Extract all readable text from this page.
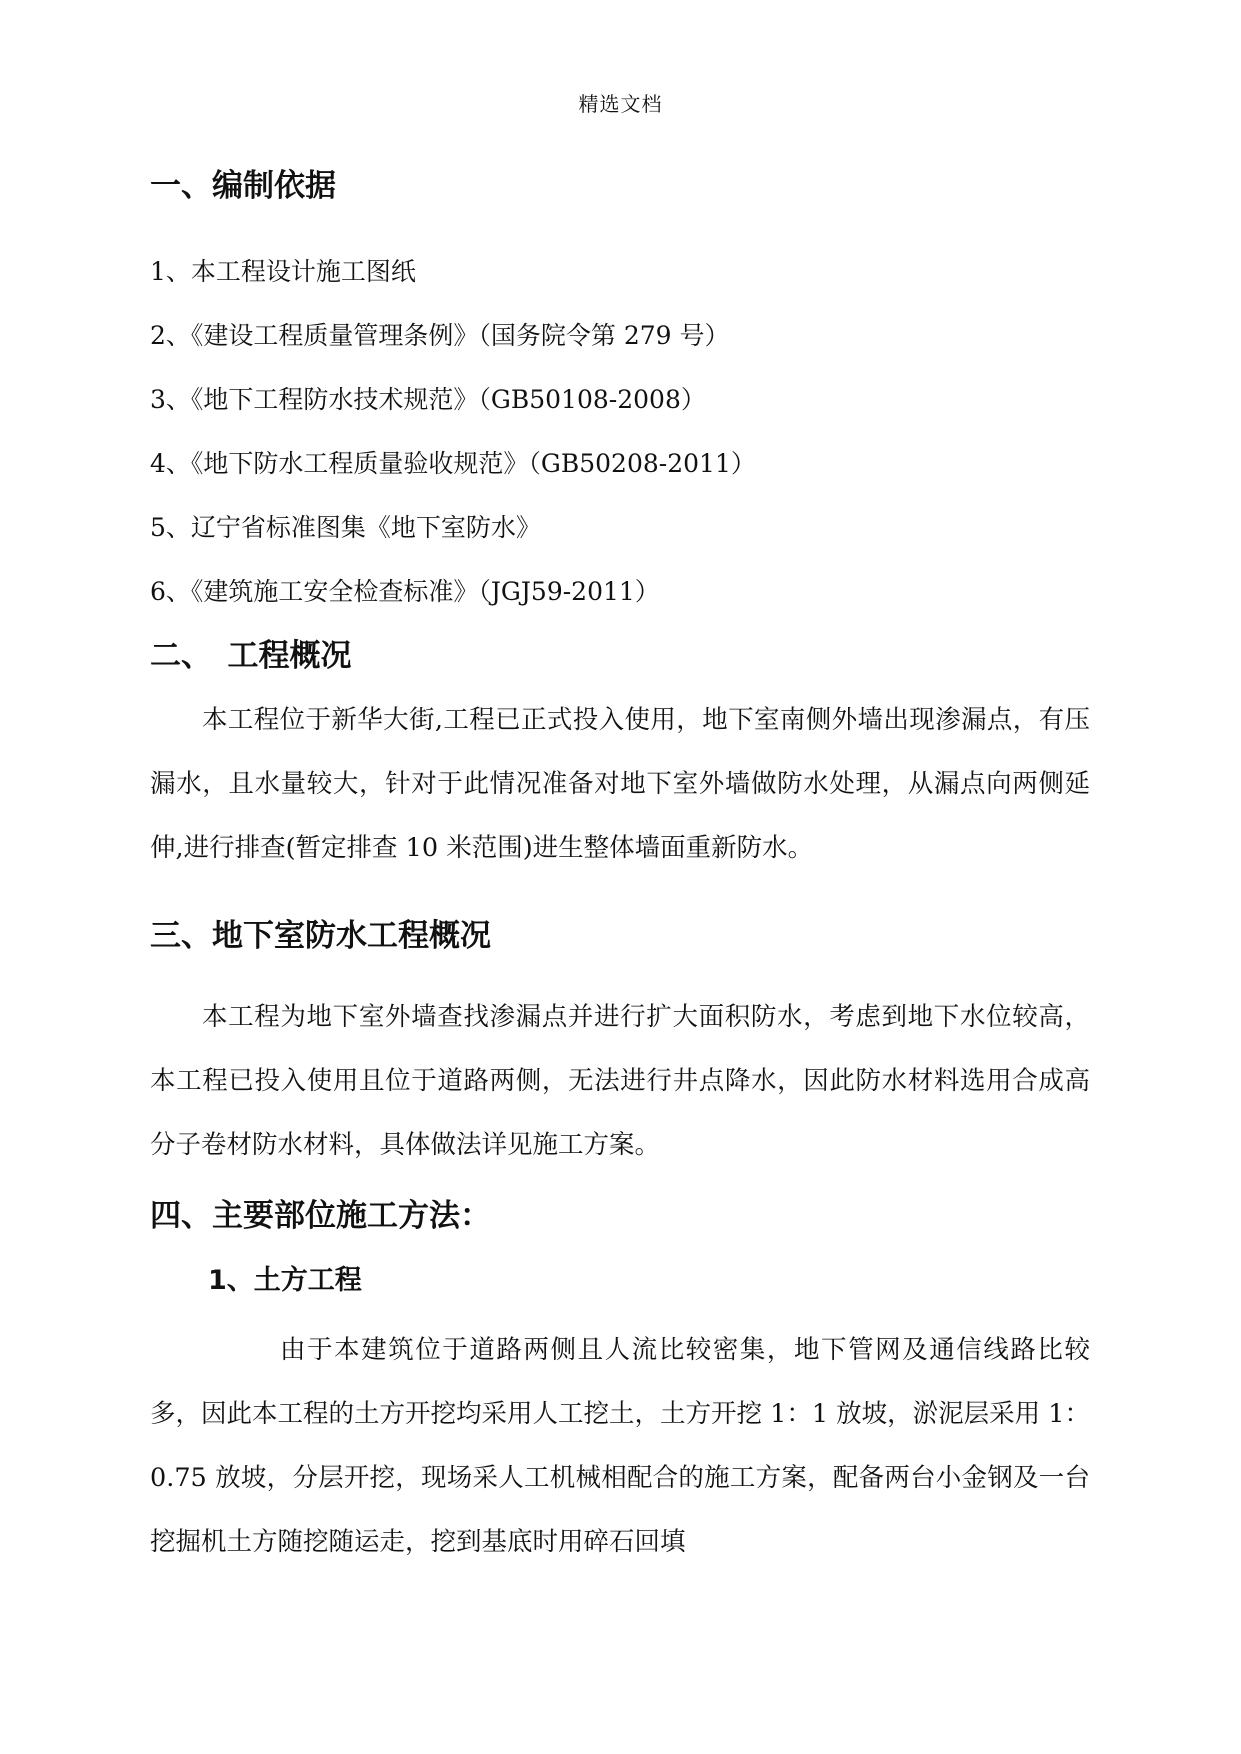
精选文档
一、编制依据
1、本工程设计施工图纸
2、《建设工程质量管理条例》（国务院令第 279 号）
3、《地下工程防水技术规范》（GB50108-2008）
4、《地下防水工程质量验收规范》（GB50208-2011）
5、辽宁省标准图集《地下室防水》
6、《建筑施工安全检查标准》（JGJ59-2011）
二、　工程概况

本工程位于新华大街,工程已正式投入使用，地下室南侧外墙出现渗漏点，有压漏水，且水量较大，针对于此情况准备对地下室外墙做防水处理，从漏点向两侧延伸,进行排查(暂定排查 10 米范围)进生整体墙面重新防水。

三、地下室防水工程概况

本工程为地下室外墙查找渗漏点并进行扩大面积防水，考虑到地下水位较高，本工程已投入使用且位于道路两侧，无法进行井点降水，因此防水材料选用合成高分子卷材防水材料，具体做法详见施工方案。

四、主要部位施工方法：
1、土方工程

由于本建筑位于道路两侧且人流比较密集，地下管网及通信线路比较多，因此本工程的土方开挖均采用人工挖土，土方开挖 1：1 放坡，淤泥层采用 1：0.75 放坡，分层开挖，现场采人工机械相配合的施工方案，配备两台小金钢及一台挖掘机土方随挖随运走，挖到基底时用碎石回填
